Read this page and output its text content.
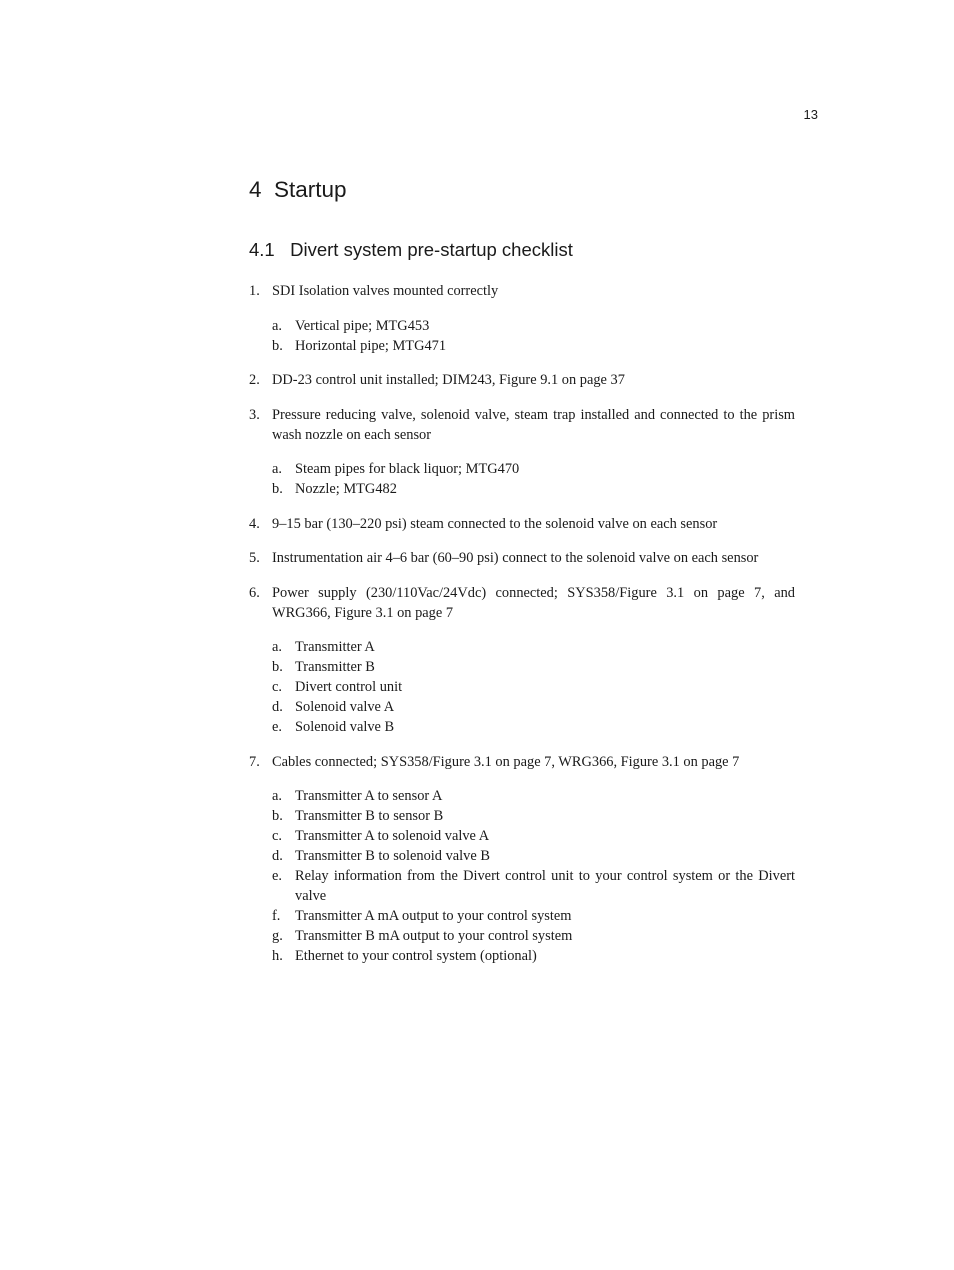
13
4 Startup
4.1 Divert system pre-startup checklist
1. SDI Isolation valves mounted correctly
a. Vertical pipe; MTG453
b. Horizontal pipe; MTG471
2. DD-23 control unit installed; DIM243, Figure 9.1 on page 37
3. Pressure reducing valve, solenoid valve, steam trap installed and connected to the prism wash nozzle on each sensor
a. Steam pipes for black liquor; MTG470
b. Nozzle; MTG482
4. 9–15 bar (130–220 psi) steam connected to the solenoid valve on each sensor
5. Instrumentation air 4–6 bar (60–90 psi) connect to the solenoid valve on each sensor
6. Power supply (230/110Vac/24Vdc) connected; SYS358/Figure 3.1 on page 7, and WRG366, Figure 3.1 on page 7
a. Transmitter A
b. Transmitter B
c. Divert control unit
d. Solenoid valve A
e. Solenoid valve B
7. Cables connected; SYS358/Figure 3.1 on page 7, WRG366, Figure 3.1 on page 7
a. Transmitter A to sensor A
b. Transmitter B to sensor B
c. Transmitter A to solenoid valve A
d. Transmitter B to solenoid valve B
e. Relay information from the Divert control unit to your control system or the Divert valve
f.	Transmitter A mA output to your control system
g. Transmitter B mA output to your control system
h. Ethernet to your control system (optional)
